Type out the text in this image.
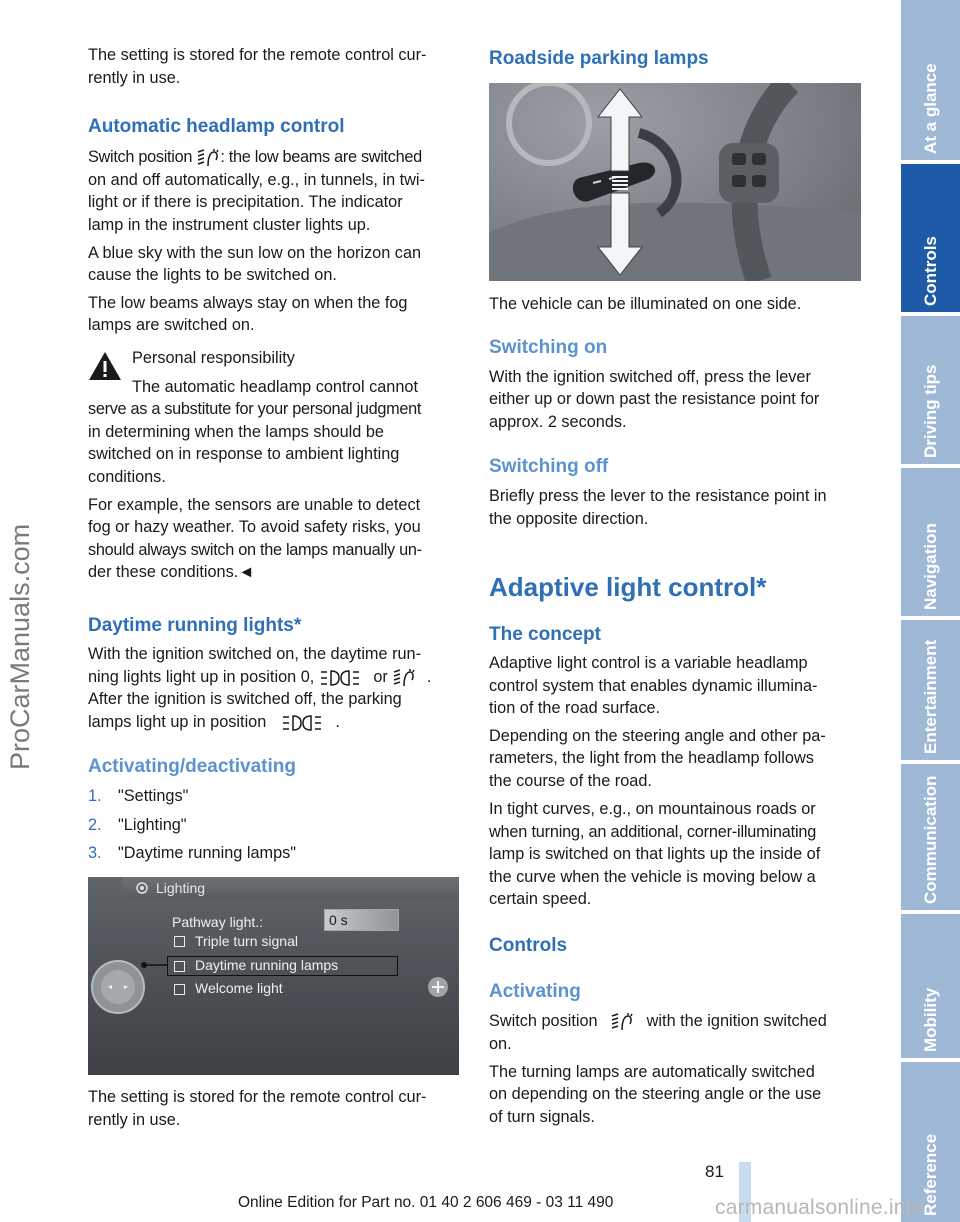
The setting is stored for the remote control cur-

rently in use.

Automatic headlamp control

Switch position : the low beams are switched

on and off automatically, e.g., in tunnels, in twi-

light or if there is precipitation. The indicator

lamp in the instrument cluster lights up.

A blue sky with the sun low on the horizon can

cause the lights to be switched on.

The low beams always stay on when the fog

lamps are switched on.

Personal responsibility

The automatic headlamp control cannot

serve as a substitute for your personal judgment

in determining when the lamps should be

switched on in response to ambient lighting

conditions.

For example, the sensors are unable to detect

fog or hazy weather. To avoid safety risks, you

should always switch on the lamps manually un-

der these conditions.◄

Daytime running lights*

With the ignition switched on, the daytime run-

ning lights light up in position 0,	or .

After the ignition is switched off, the parking

lamps light up in position	.

Activating/deactivating

1. "Settings"

2. "Lighting"

3. "Daytime running lamps"

Lighting
Pathway light.:	0 s
Triple turn signal
Daytime running lamps
Welcome light

The setting is stored for the remote control cur-

rently in use.

Roadside parking lamps

The vehicle can be illuminated on one side.

Switching on

With the ignition switched off, press the lever

either up or down past the resistance point for

approx. 2 seconds.

Switching off

Briefly press the lever to the resistance point in

the opposite direction.

Adaptive light control*
The concept

Adaptive light control is a variable headlamp

control system that enables dynamic illumina-

tion of the road surface.

Depending on the steering angle and other pa-

rameters, the light from the headlamp follows

the course of the road.

In tight curves, e.g., on mountainous roads or

when turning, an additional, corner-illuminating

lamp is switched on that lights up the inside of

the curve when the vehicle is moving below a

certain speed.

Controls
Activating

Switch position	with the ignition switched

on.

The turning lamps are automatically switched

on depending on the steering angle or the use

of turn signals.

At a glance
Controls
Driving tips
Navigation
Entertainment
Communication
Mobility
Reference
ProCarManuals.com
81
Online Edition for Part no. 01 40 2 606 469 - 03 11 490	carmanualsonline.info
